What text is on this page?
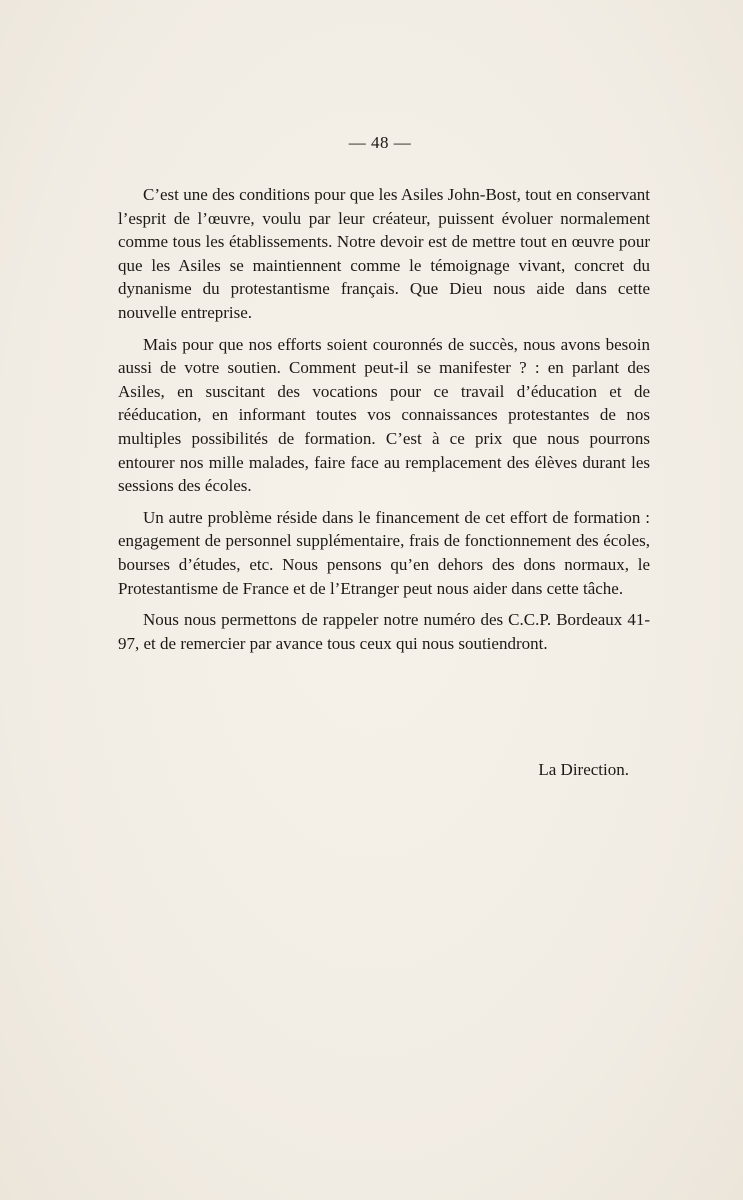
— 48 —

C’est une des conditions pour que les Asiles John-Bost, tout en conservant l’esprit de l’œuvre, voulu par leur créateur, puissent évoluer normalement comme tous les établissements. Notre devoir est de mettre tout en œuvre pour que les Asiles se maintiennent comme le témoignage vivant, concret du dynanisme du protestantisme français. Que Dieu nous aide dans cette nouvelle entreprise.

Mais pour que nos efforts soient couronnés de succès, nous avons besoin aussi de votre soutien. Comment peut-il se manifester ? : en parlant des Asiles, en suscitant des vocations pour ce travail d’éducation et de rééducation, en informant toutes vos connaissances protestantes de nos multiples possibilités de formation. C’est à ce prix que nous pourrons entourer nos mille malades, faire face au remplacement des élèves durant les sessions des écoles.

Un autre problème réside dans le financement de cet effort de formation : engagement de personnel supplémentaire, frais de fonctionnement des écoles, bourses d’études, etc. Nous pensons qu’en dehors des dons normaux, le Protestantisme de France et de l’Etranger peut nous aider dans cette tâche.

Nous nous permettons de rappeler notre numéro des C.C.P. Bordeaux 41-97, et de remercier par avance tous ceux qui nous soutiendront.

La Direction.
